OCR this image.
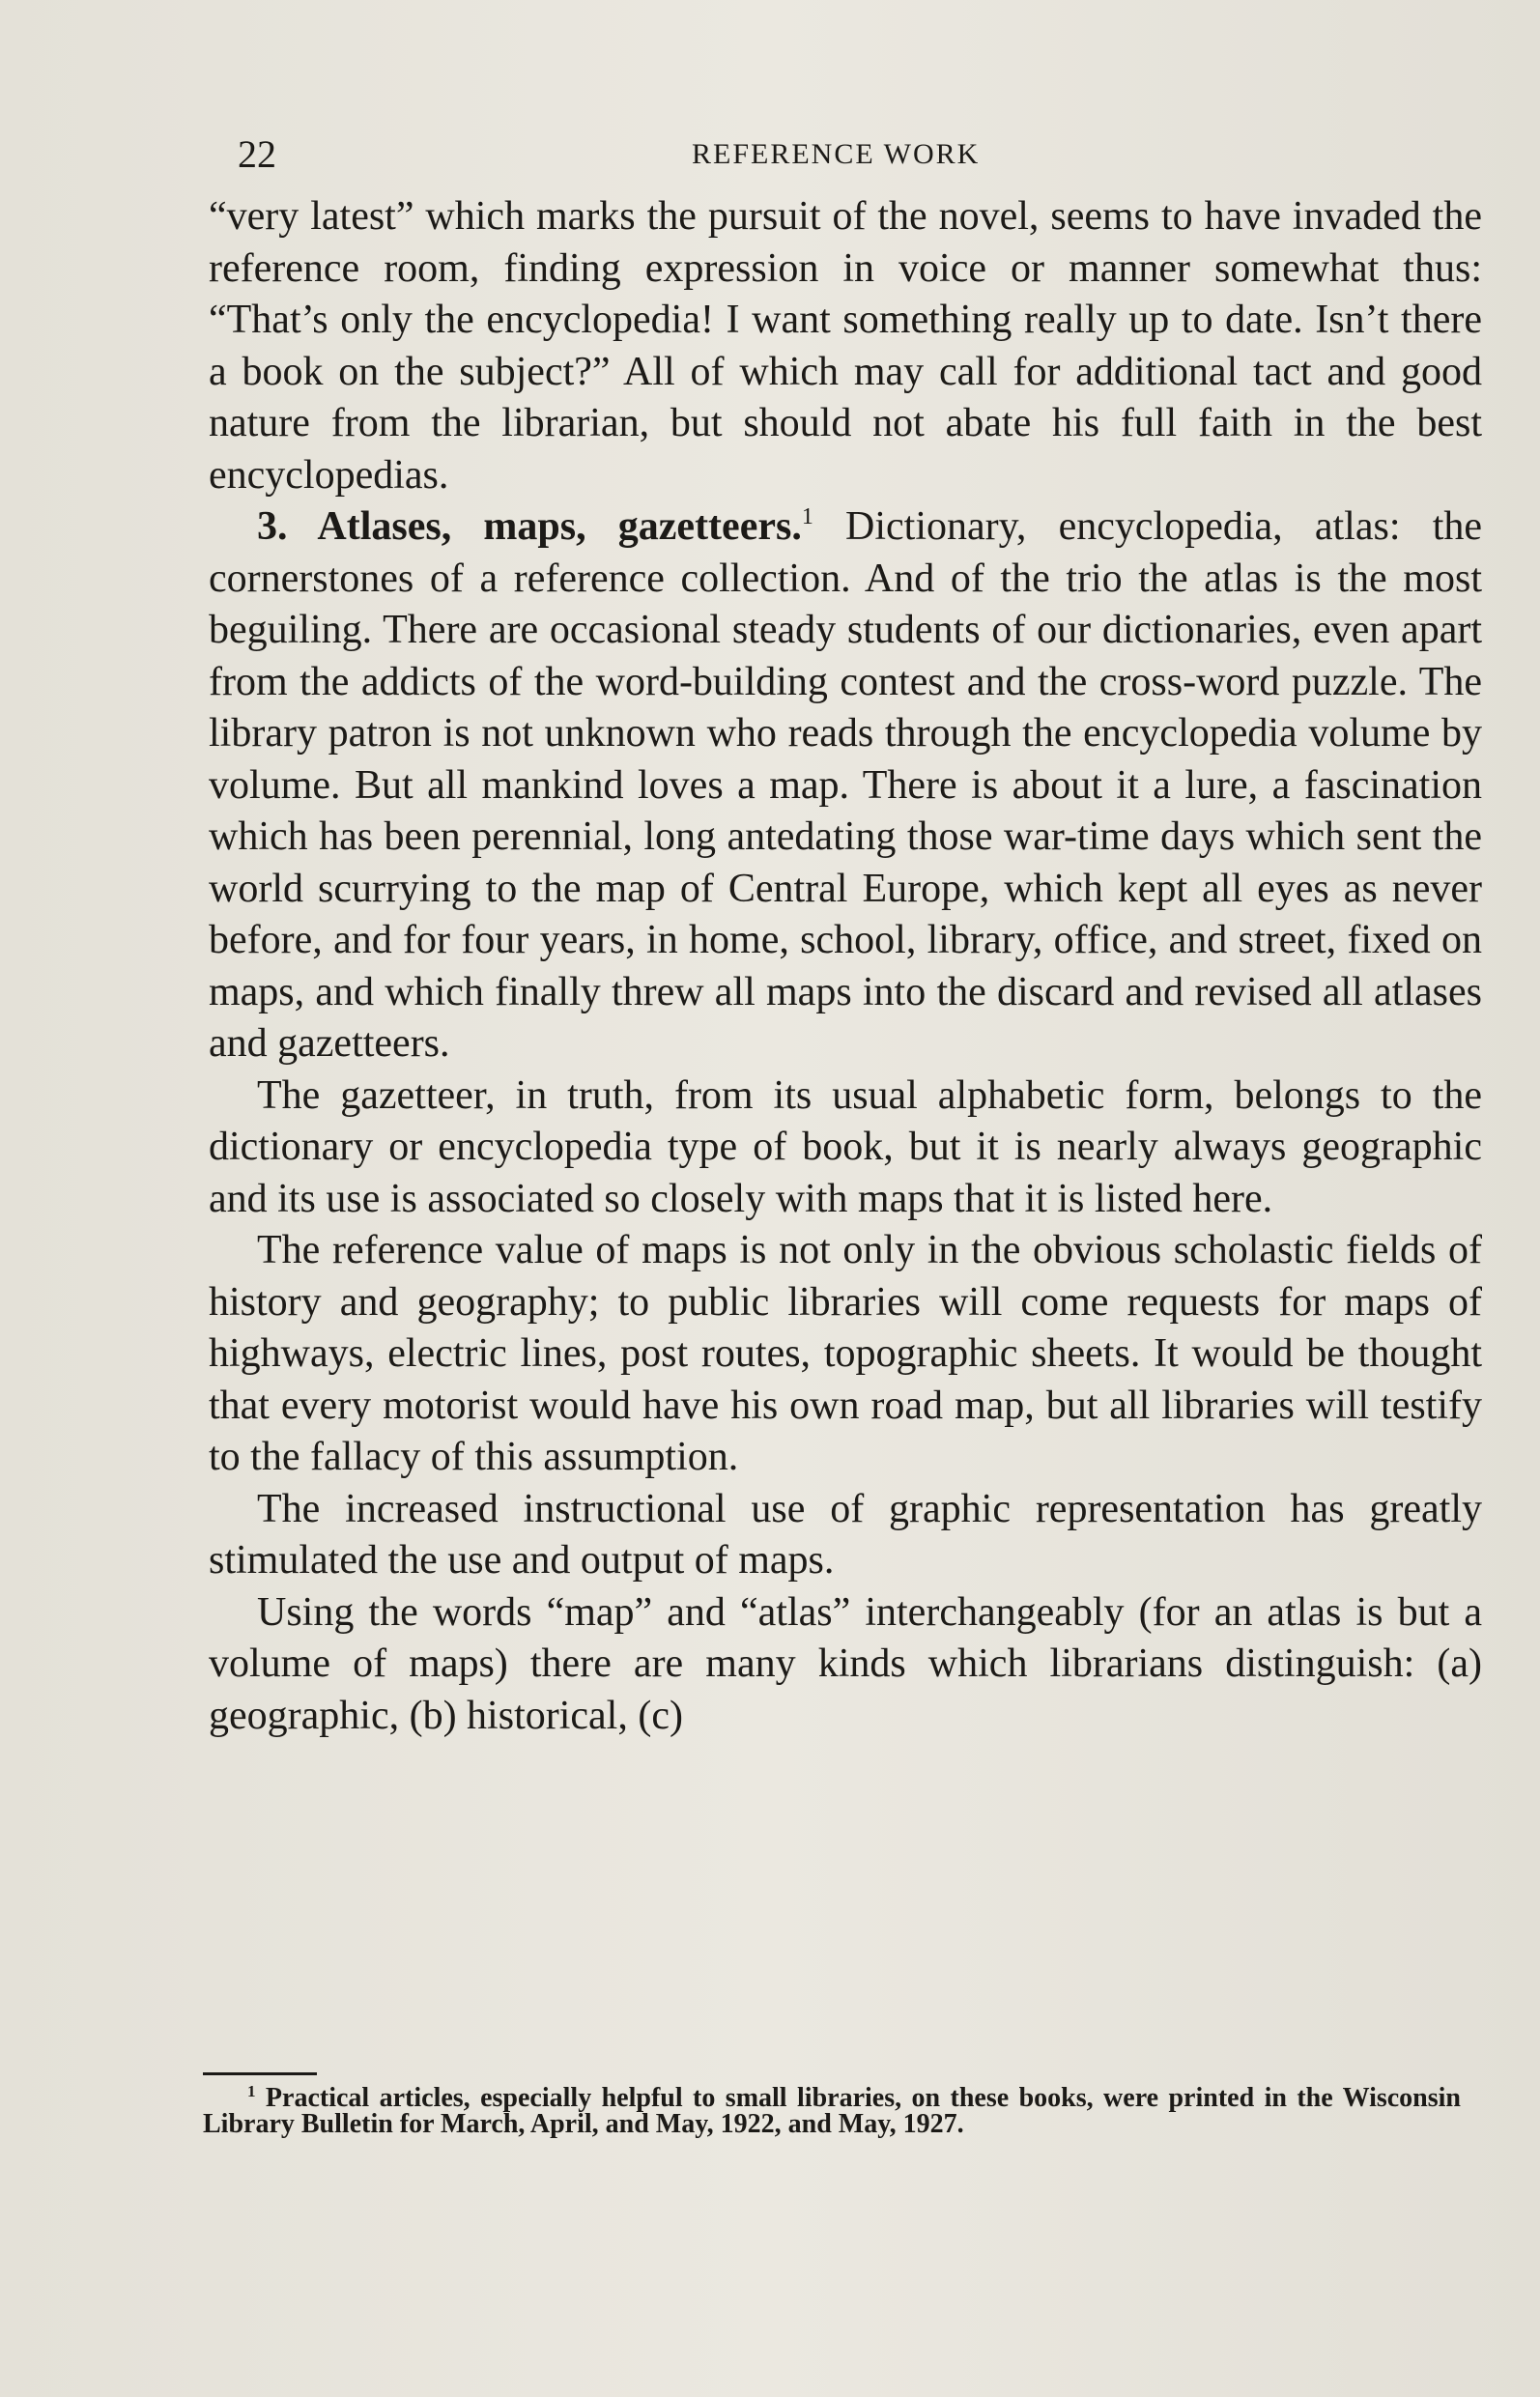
22	REFERENCE WORK

“very latest” which marks the pursuit of the novel, seems to have invaded the reference room, finding expression in voice or manner somewhat thus: “That’s only the encyclopedia! I want something really up to date. Isn’t there a book on the subject?” All of which may call for additional tact and good nature from the librarian, but should not abate his full faith in the best encyclopedias.

3. Atlases, maps, gazetteers.$^1$ Dictionary, encyclopedia, atlas: the cornerstones of a reference collection. And of the trio the atlas is the most beguiling. There are occasional steady students of our dictionaries, even apart from the addicts of the word-building contest and the cross-word puzzle. The library patron is not unknown who reads through the encyclopedia volume by volume. But all mankind loves a map. There is about it a lure, a fascination which has been perennial, long antedating those war-time days which sent the world scurrying to the map of Central Europe, which kept all eyes as never before, and for four years, in home, school, library, office, and street, fixed on maps, and which finally threw all maps into the discard and revised all atlases and gazetteers.

The gazetteer, in truth, from its usual alphabetic form, belongs to the dictionary or encyclopedia type of book, but it is nearly always geographic and its use is associated so closely with maps that it is listed here.

The reference value of maps is not only in the obvious scholastic fields of history and geography; to public libraries will come requests for maps of highways, electric lines, post routes, topographic sheets. It would be thought that every motorist would have his own road map, but all libraries will testify to the fallacy of this assumption.

The increased instructional use of graphic representation has greatly stimulated the use and output of maps.

Using the words “map” and “atlas” interchangeably (for an atlas is but a volume of maps) there are many kinds which librarians distinguish: (a) geographic, (b) historical, (c)

$^1$ Practical articles, especially helpful to small libraries, on these books, were printed in the Wisconsin Library Bulletin for March, April, and May, 1922, and May, 1927.
